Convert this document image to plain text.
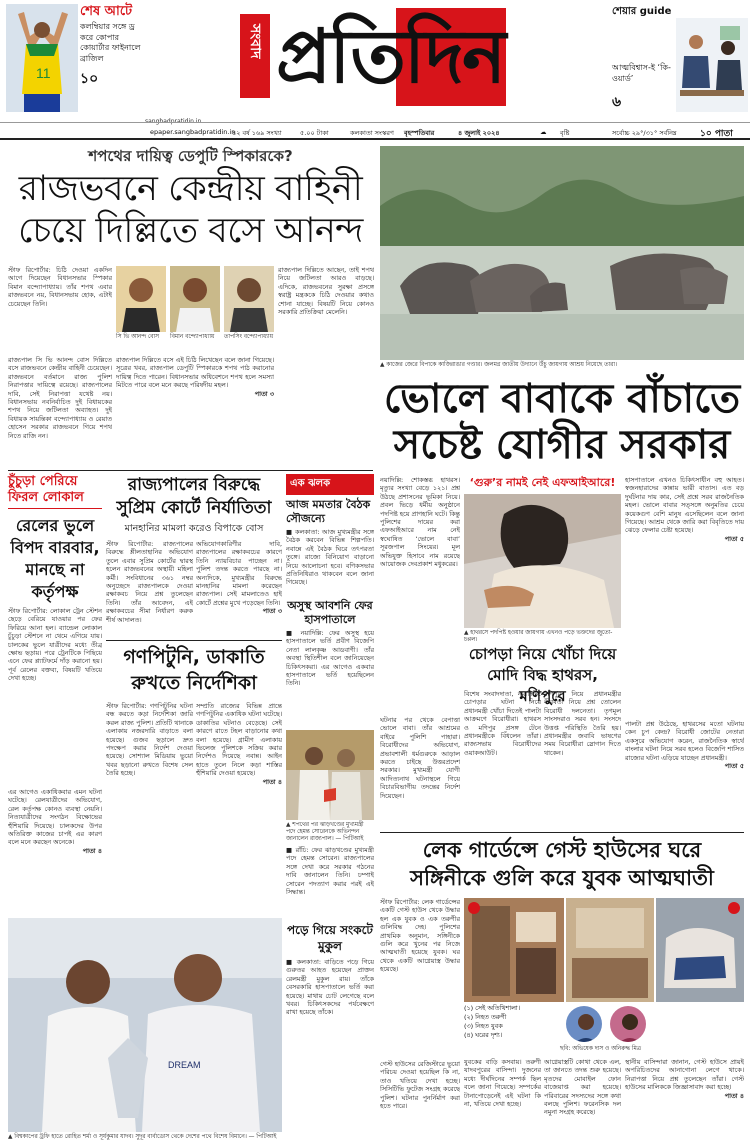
11
শেষ আটে
কলম্বিয়ার সঙ্গে ড্র করে কোপার কোয়ার্টার ফাইনালে ব্রাজিল
১০
সংবাদ প্রতিদিন
শেয়ার guide
আত্মবিশ্বাস-ই ‘কি-ওয়ার্ড’
৬
sangbadpratidin.in
epaper.sangbadpratidin.in
৪২ বর্ষ ১৬৯ সংখ্যা	৫.০০ টাকা	কলকাতা সংস্করণ বৃহস্পতিবার	৪ জুলাই ২০২৪	☁ বৃষ্টি	সর্বোচ্চ ২৯°/৩১° সর্বনিম্ন	১০ পাতা
শপথের দায়িত্ব ডেপুটি স্পিকারকে?
রাজভবনে কেন্দ্রীয় বাহিনী
চেয়ে দিল্লিতে বসে আনন্দ
স্টাফ রিপোর্টার: চিঠি দেওয়া একদিন আগে দিয়েছেন বিধানসভার স্পিকার বিমান বন্দ্যোপাধ্যায়। তাঁর শপথ এবার রাজভবনে নয়, বিধানসভায় হোক, এটাই চেয়েছেন তিনি।
সি ভি আনন্দ বোস	বিমান বন্দ্যোপাধ্যায়	তাপসিং বন্দ্যোপাধ্যায়
রাজ্যপাল দিল্লিতে আছেন, তাই শপথ নিয়ে জটিলতা আরও বাড়ছে। এদিকে, রাজভবনের সুরক্ষা প্রসঙ্গে স্বরাষ্ট্র মন্ত্রককে চিঠি দেওয়ার কথাও শোনা যাচ্ছে। বিষয়টি নিয়ে কোনও সরকারি প্রতিক্রিয়া মেলেনি।
রাজ্যপাল সি ভি আনন্দ বোস দিল্লিতে বসে রাজভবনে কেন্দ্রীয় বাহিনী চেয়েছেন। রাজভবনে বর্তমানে রাজ্য পুলিশ নিরাপত্তার দায়িত্বে রয়েছে। রাজ্যপালের দাবি, সেই নিরাপত্তা যথেষ্ট নয়। বিধানসভায় নবনির্বাচিত দুই বিধায়কের শপথ নিয়ে জটিলতা অব্যাহত। দুই বিধায়ক সায়ন্তিকা বন্দ্যোপাধ্যায় ও রেয়াত হোসেন সরকার রাজভবনে গিয়ে শপথ নিতে রাজি নন।
রাজ্যপাল দিল্লিতে বসে এই চিঠি লিখেছেন বলে জানা গিয়েছে। সূত্রের খবর, রাজ্যপাল ডেপুটি স্পিকারকে শপথ পাঠ করানোর দায়িত্ব দিতে পারেন। বিধানসভার অধিবেশনে শপথ হলে সমস্যা মিটতে পারে বলে মনে করছে পরিষদীয় মহল।
পাতা ৩
▲ কাজের জেরে বিপাকে কাজিরাঙার গণ্ডার। জলমগ্ন জাতীয় উদ্যানে উঁচু জায়গায় আশ্রয় নিয়েছে তারা।
ভোলে বাবাকে বাঁচাতে
সচেষ্ট যোগীর সরকার
চুঁচুড়া পেরিয়ে ফিরল লোকাল
রেলের ভুলে বিপদ বারবার, মানছে না কর্তৃপক্ষ
স্টাফ রিপোর্টার: লোকাল ট্রেন স্টেশন ছেড়ে বেরিয়ে যাওয়ার পর ফের ফিরিয়ে আনা হল। ব্যান্ডেল লোকাল চুঁচুড়া স্টেশনে না থেমে এগিয়ে যায়। চালকের ভুলে যাত্রীদের মধ্যে তীব্র ক্ষোভ ছড়ায়। পরে ট্রেনটিকে পিছিয়ে এনে ফের প্ল্যাটফর্মে দাঁড় করানো হয়। পূর্ব রেলের বক্তব্য, বিষয়টি খতিয়ে দেখা হচ্ছে।
এর আগেও একাধিকবার এমন ঘটনা ঘটেছে। রেলযাত্রীদের অভিযোগ, রেল কর্তৃপক্ষ কোনও ব্যবস্থা নেয়নি। নিত্যযাত্রীদের সংগঠন বিক্ষোভের হুঁশিয়ারি দিয়েছে। চালকদের উপর অতিরিক্ত কাজের চাপই এর কারণ বলে মনে করছেন অনেকে।
পাতা ৪
রাজ্যপালের বিরুদ্ধে
সুপ্রিম কোর্টে নির্যাতিতা
মানহানির মামলা করেও বিপাকে বোস
স্টাফ রিপোর্টার: রাজ্যপালের বিরুদ্ধে শ্লীলতাহানির অভিযোগ তুলে এবার সুপ্রিম কোর্টের দ্বারস্থ হলেন রাজভবনের অস্থায়ী মহিলা কর্মী। সংবিধানের ৩৬১ নম্বর অনুচ্ছেদে রাজ্যপালকে দেওয়া রক্ষাকবচ নিয়ে প্রশ্ন তুলেছেন তিনি। তাঁর আবেদন, এই রক্ষাকবচের সীমা নির্ধারণ করুক শীর্ষ আদালত।
অভিযোগকারিণীর দাবি, রাজ্যপালের রক্ষাকবচের কারণে তিনি ন্যায়বিচার পাচ্ছেন না। পুলিশ তদন্ত করতে পারছে না। অন্যদিকে, মুখ্যমন্ত্রীর বিরুদ্ধে মানহানির মামলা করেছেন রাজ্যপাল। সেই মামলাতেও হাই কোর্টে প্রশ্নের মুখে পড়েছেন তিনি।
পাতা ৩
গণপিটুনি, ডাকাতি
রুখতে নির্দেশিকা
স্টাফ রিপোর্টার: গণপিটুনির ঘটনা বন্ধ করতে কড়া নির্দেশিকা জারি করল রাজ্য পুলিশ। প্রতিটি থানাকে এলাকায় নজরদারি বাড়াতে বলা হয়েছে। গুজব ছড়ালে দ্রুত পদক্ষেপ করার নির্দেশ দেওয়া হয়েছে। সোশ্যাল মিডিয়ায় ভুয়ো খবর ছড়ানো রুখতে বিশেষ সেল তৈরি হচ্ছে।
সম্প্রতি রাজ্যের বিভিন্ন প্রান্তে গণপিটুনির একাধিক ঘটনা ঘটেছে। ডাকাতির ঘটনাও বেড়েছে। সেই কারণে রাতে টহল বাড়ানোর কথা বলা হয়েছে। গ্রামীণ এলাকায় ভিলেজ পুলিশকে সক্রিয় করার নির্দেশও দিয়েছে নবান্ন। আইন হাতে তুলে নিলে কড়া শাস্তির হুঁশিয়ারি দেওয়া হয়েছে।
পাতা ৪
এক ঝলক
আজ মমতার বৈঠক সৌজন্যে
■ কলকাতা: আজ মুখ্যমন্ত্রীর সঙ্গে বৈঠক করবেন বিভিন্ন শিল্পপতি। নবান্নে এই বৈঠক ঘিরে তৎপরতা তুঙ্গে। রাজ্যে বিনিয়োগ বাড়ানো নিয়ে আলোচনা হবে। বণিকসভার প্রতিনিধিরাও থাকবেন বলে জানা গিয়েছে।
অসুস্থ আবশনি ফের হাসপাতালে
■ নয়াদিল্লি: ফের অসুস্থ হয়ে হাসপাতালে ভর্তি প্রবীণ বিজেপি নেতা লালকৃষ্ণ আডবাণী। তাঁর অবস্থা স্থিতিশীল বলে জানিয়েছেন চিকিৎসকরা। এর আগেও একবার হাসপাতালে ভর্তি হয়েছিলেন তিনি।
▲ শপথের পর ঝাড়খণ্ডের মুখ্যমন্ত্রী পদে হেমন্ত সোরেনকে অভিনন্দন জানালেন রাজ্যপাল। — পিটিআই
■ রাঁচি: ফের ঝাড়খণ্ডের মুখ্যমন্ত্রী পদে হেমন্ত সোরেন। রাজ্যপালের সঙ্গে দেখা করে সরকার গঠনের দাবি জানালেন তিনি। চম্পাই সোরেন পদত্যাগ করার পরই এই সিদ্ধান্ত।
নয়াদিল্লি: শোকস্তব্ধ হাথরস। মৃত্যুর সংখ্যা বেড়ে ১২১। প্রশ্ন উঠছে প্রশাসনের ভূমিকা নিয়ে। প্রবল ভিড়ে ধর্মীয় অনুষ্ঠানে পদপিষ্ট হয়ে প্রাণহানি ঘটে। কিন্তু পুলিশের দায়ের করা এফআইআরে নাম নেই স্বঘোষিত ‘ভোলে বাবা’ সূরজপাল সিংয়ের। মূল অভিযুক্ত হিসাবে নাম রয়েছে আয়োজক দেবপ্রকাশ মধুকরের।
‘গুরু’র নামই নেই এফআইআরে!
▲ হাথরসে পদপিষ্ট হওয়ার জায়গায় এখনও পড়ে ভক্তদের জুতো-চপ্পল।
হাসপাতালে এখনও চিকিৎসাধীন বহু আহত। স্বজনহারাদের কান্নায় ভারী বাতাস। এত বড় দুর্ঘটনার দায় কার, সেই প্রশ্নে সরব রাজনৈতিক মহল। ভোলে বাবার সত্সঙ্গে অনুমতির চেয়ে কয়েকগুণ বেশি মানুষ এসেছিলেন বলে জানা গিয়েছে। আশ্রম থেকে জারি করা বিবৃতিতে দায় ঝেড়ে ফেলার চেষ্টা হয়েছে।
পাতা ৫
ঘটনার পর থেকে বেপাত্তা ভোলে বাবা। তাঁর আশ্রমের বাইরে পুলিশি পাহারা। বিরোধীদের অভিযোগ, প্রভাবশালী ধর্মগুরুকে আড়াল করতে চাইছে উত্তরপ্রদেশ সরকার। মুখ্যমন্ত্রী যোগী আদিত্যনাথ ঘটনাস্থলে গিয়ে বিচারবিভাগীয় তদন্তের নির্দেশ দিয়েছেন।
চোপড়া নিয়ে খোঁচা দিয়ে
মোদি বিদ্ধ হাথরস, মণিপুরে
বিশেষ সংবাদদাতা, নয়াদিল্লি: চোপড়ার ঘটনা নিয়ে প্রধানমন্ত্রী খোঁচা দিতেই পালটা আক্রমণে বিরোধীরা। হাথরস ও মণিপুর প্রসঙ্গ টেনে প্রধানমন্ত্রীকে বিঁধলেন তাঁরা। রাজ্যসভায় বিরোধীদের ওয়াকআউট।
মণিপুর নিয়ে প্রধানমন্ত্রীর নীরবতা নিয়ে প্রশ্ন তোলেন বিরোধী দলনেতা। তৃণমূল সাংসদরাও সরব হন। সংসদে উত্তপ্ত পরিস্থিতি তৈরি হয়। প্রধানমন্ত্রীর জবাবি ভাষণের সময় বিরোধীরা স্লোগান দিতে থাকেন।
পালটা প্রশ্ন উঠেছে, হাথরসের মতো ঘটনায় কেন চুপ কেন্দ্র? বিরোধী জোটের নেতারা একসুরে অভিযোগ করেন, রাজনৈতিক স্বার্থে বাংলার ঘটনা নিয়ে সরব হলেও বিজেপি শাসিত রাজ্যের ঘটনা এড়িয়ে যাচ্ছেন প্রধানমন্ত্রী।
পাতা ৫
লেক গার্ডেন্সে গেস্ট হাউসের ঘরে
সঙ্গিনীকে গুলি করে যুবক আত্মঘাতী
স্টাফ রিপোর্টার: লেক গার্ডেন্সের একটি গেস্ট হাউস থেকে উদ্ধার হল এক যুবক ও এক তরুণীর গুলিবিদ্ধ দেহ। পুলিশের প্রাথমিক অনুমান, সঙ্গিনীকে গুলি করে খুনের পর নিজে আত্মঘাতী হয়েছে যুবক। ঘর থেকে একটি আগ্নেয়াস্ত্র উদ্ধার হয়েছে।
(১) সেই অতিথিশালা।
(২) নিহত তরুণী
(৩) নিহত যুবক
(৪) ঘরের দৃশ্য।
ছবি: অভিষেক দাস ও অনিরুদ্ধ মিত্র
যুবকের বাড়ি কসবায়। তরুণী যাদবপুরের বাসিন্দা। দুজনের মধ্যে দীর্ঘদিনের সম্পর্ক ছিল বলে জানা গিয়েছে। সম্পর্কের টানাপোড়েনেই এই ঘটনা কি না, খতিয়ে দেখা হচ্ছে।
আগ্নেয়াস্ত্রটি কোথা থেকে এল, তা জানতে তদন্ত শুরু হয়েছে। মৃতদের মোবাইল ফোন বাজেয়াপ্ত করা হয়েছে। পরিবারের সদস্যদের সঙ্গে কথা বলছে পুলিশ। ফরেনসিক দল নমুনা সংগ্রহ করেছে।
স্থানীয় বাসিন্দারা জানান, গেস্ট হাউসে প্রায়ই অপরিচিতদের আনাগোনা লেগে থাকে। নিরাপত্তা নিয়ে প্রশ্ন তুলেছেন তাঁরা। গেস্ট হাউসের মালিককে জিজ্ঞাসাবাদ করা হচ্ছে।
পাতা ৪
গেস্ট হাউসের রেজিস্টারে ভুয়ো পরিচয় দেওয়া হয়েছিল কি না, তাও খতিয়ে দেখা হচ্ছে। সিসিটিভি ফুটেজ সংগ্রহ করেছে পুলিশ। ঘটনার পুনর্নির্মাণ করা হতে পারে।
DREAM
পড়ে গিয়ে সংকটে মুকুল
■ কলকাতা: বাড়িতে পড়ে গিয়ে গুরুতর আহত হয়েছেন প্রাক্তন রেলমন্ত্রী মুকুল রায়। তাঁকে বেসরকারি হাসপাতালে ভর্তি করা হয়েছে। মাথায় চোট লেগেছে বলে খবর। চিকিৎসকদের পর্যবেক্ষণে রাখা হয়েছে তাঁকে।
▲ বিশ্বকাপের ট্রফি হাতে রোহিত শর্মা ও সূর্যকুমার যাদব। সুদূর বার্বাডোস থেকে দেশের পথে বিশেষ বিমানে। — পিটিআই
